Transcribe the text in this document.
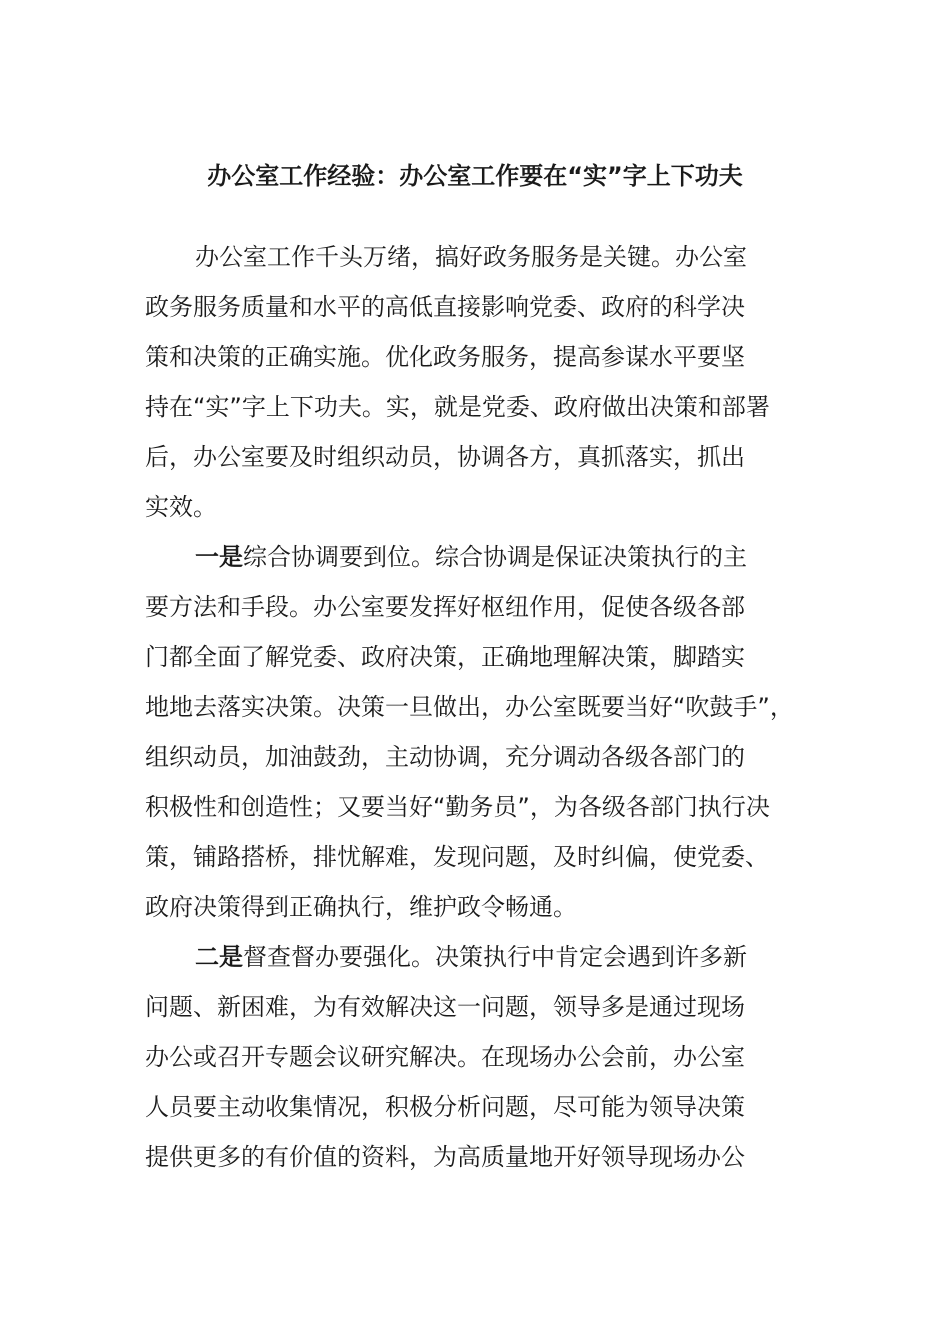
办公室工作经验：办公室工作要在“实”字上下功夫
办公室工作千头万绪，搞好政务服务是关键。办公室
政务服务质量和水平的高低直接影响党委、政府的科学决
策和决策的正确实施。优化政务服务，提高参谋水平要坚
持在“实”字上下功夫。实，就是党委、政府做出决策和部署
后，办公室要及时组织动员，协调各方，真抓落实，抓出
实效。
一是综合协调要到位。综合协调是保证决策执行的主
要方法和手段。办公室要发挥好枢纽作用，促使各级各部
门都全面了解党委、政府决策，正确地理解决策，脚踏实
地地去落实决策。决策一旦做出，办公室既要当好“吹鼓手”，
组织动员，加油鼓劲，主动协调，充分调动各级各部门的
积极性和创造性；又要当好“勤务员”，为各级各部门执行决
策，铺路搭桥，排忧解难，发现问题，及时纠偏，使党委、
政府决策得到正确执行，维护政令畅通。
二是督查督办要强化。决策执行中肯定会遇到许多新
问题、新困难，为有效解决这一问题，领导多是通过现场
办公或召开专题会议研究解决。在现场办公会前，办公室
人员要主动收集情况，积极分析问题，尽可能为领导决策
提供更多的有价值的资料，为高质量地开好领导现场办公
